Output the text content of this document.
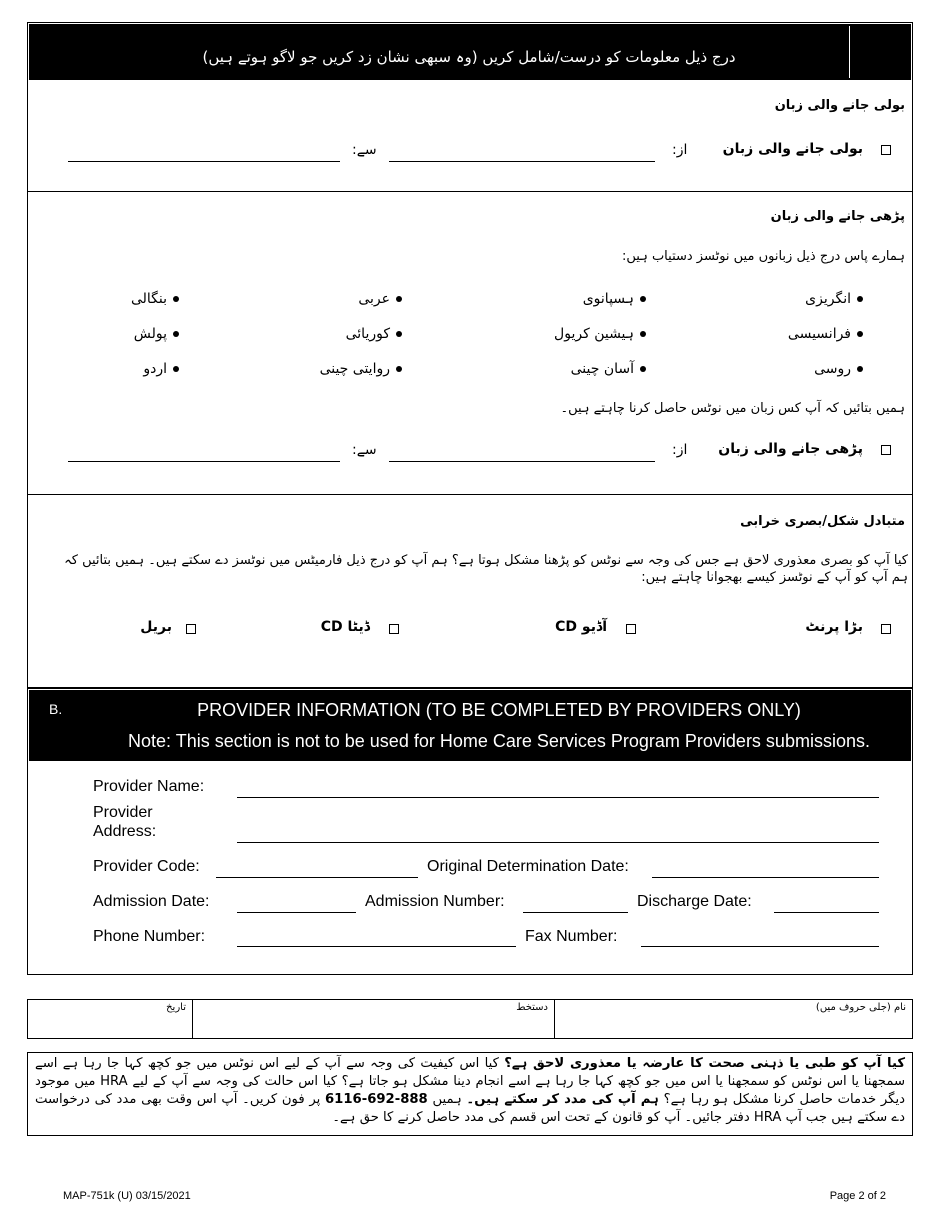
درج ذیل معلومات کو درست/شامل کریں (وہ سبھی نشان زد کریں جو لاگو ہوتے ہیں)
بولی جانے والی زبان
بولی جانے والی زبان
از:
سے:
پڑھی جانے والی زبان
ہمارے پاس درج ذیل زبانوں میں نوٹسز دستیاب ہیں:
انگریزی
ہسپانوی
عربی
بنگالی
فرانسیسی
ہیشین کریول
کوریائی
پولش
روسی
آسان چینی
روایتی چینی
اردو
ہمیں بتائیں کہ آپ کس زبان میں نوٹس حاصل کرنا چاہتے ہیں۔
پڑھی جانے والی زبان
از:
سے:
متبادل شکل/بصری خرابی
کیا آپ کو بصری معذوری لاحق ہے جس کی وجہ سے نوٹس کو پڑھنا مشکل ہوتا ہے؟ ہم آپ کو درج ذیل فارمیٹس میں نوٹسز دے سکتے ہیں۔ ہمیں بتائیں کہ ہم آپ کو آپ کے نوٹسز کیسے بھجوانا چاہتے ہیں:
بڑا پرنٹ
آڈیو CD
ڈیٹا CD
بریل
B.	PROVIDER INFORMATION (TO BE COMPLETED BY PROVIDERS ONLY)
Note: This section is not to be used for Home Care Services Program Providers submissions.
Provider Name:
Provider
Address:
Provider Code:	Original Determination Date:
Admission Date:	Admission Number:	Discharge Date:
Phone Number:	Fax Number:
نام (جلی حروف میں)
دستخط
تاریخ
کیا آپ کو طبی یا ذہنی صحت کا عارضہ یا معذوری لاحق ہے؟ کیا اس کیفیت کی وجہ سے آپ کے لیے اس نوٹس میں جو کچھ کہا جا رہا ہے اسے سمجھنا یا اس نوٹس کو سمجھنا یا اس میں جو کچھ کہا جا رہا ہے اسے انجام دینا مشکل ہو جاتا ہے؟ کیا اس حالت کی وجہ سے آپ کے لیے HRA میں موجود دیگر خدمات حاصل کرنا مشکل ہو رہا ہے؟ ہم آپ کی مدد کر سکتے ہیں۔ ہمیں 888-692-6116 پر فون کریں۔ آپ اس وقت بھی مدد کی درخواست دے سکتے ہیں جب آپ HRA دفتر جائیں۔ آپ کو قانون کے تحت اس قسم کی مدد حاصل کرنے کا حق ہے۔
MAP-751k (U) 03/15/2021	Page 2 of 2
